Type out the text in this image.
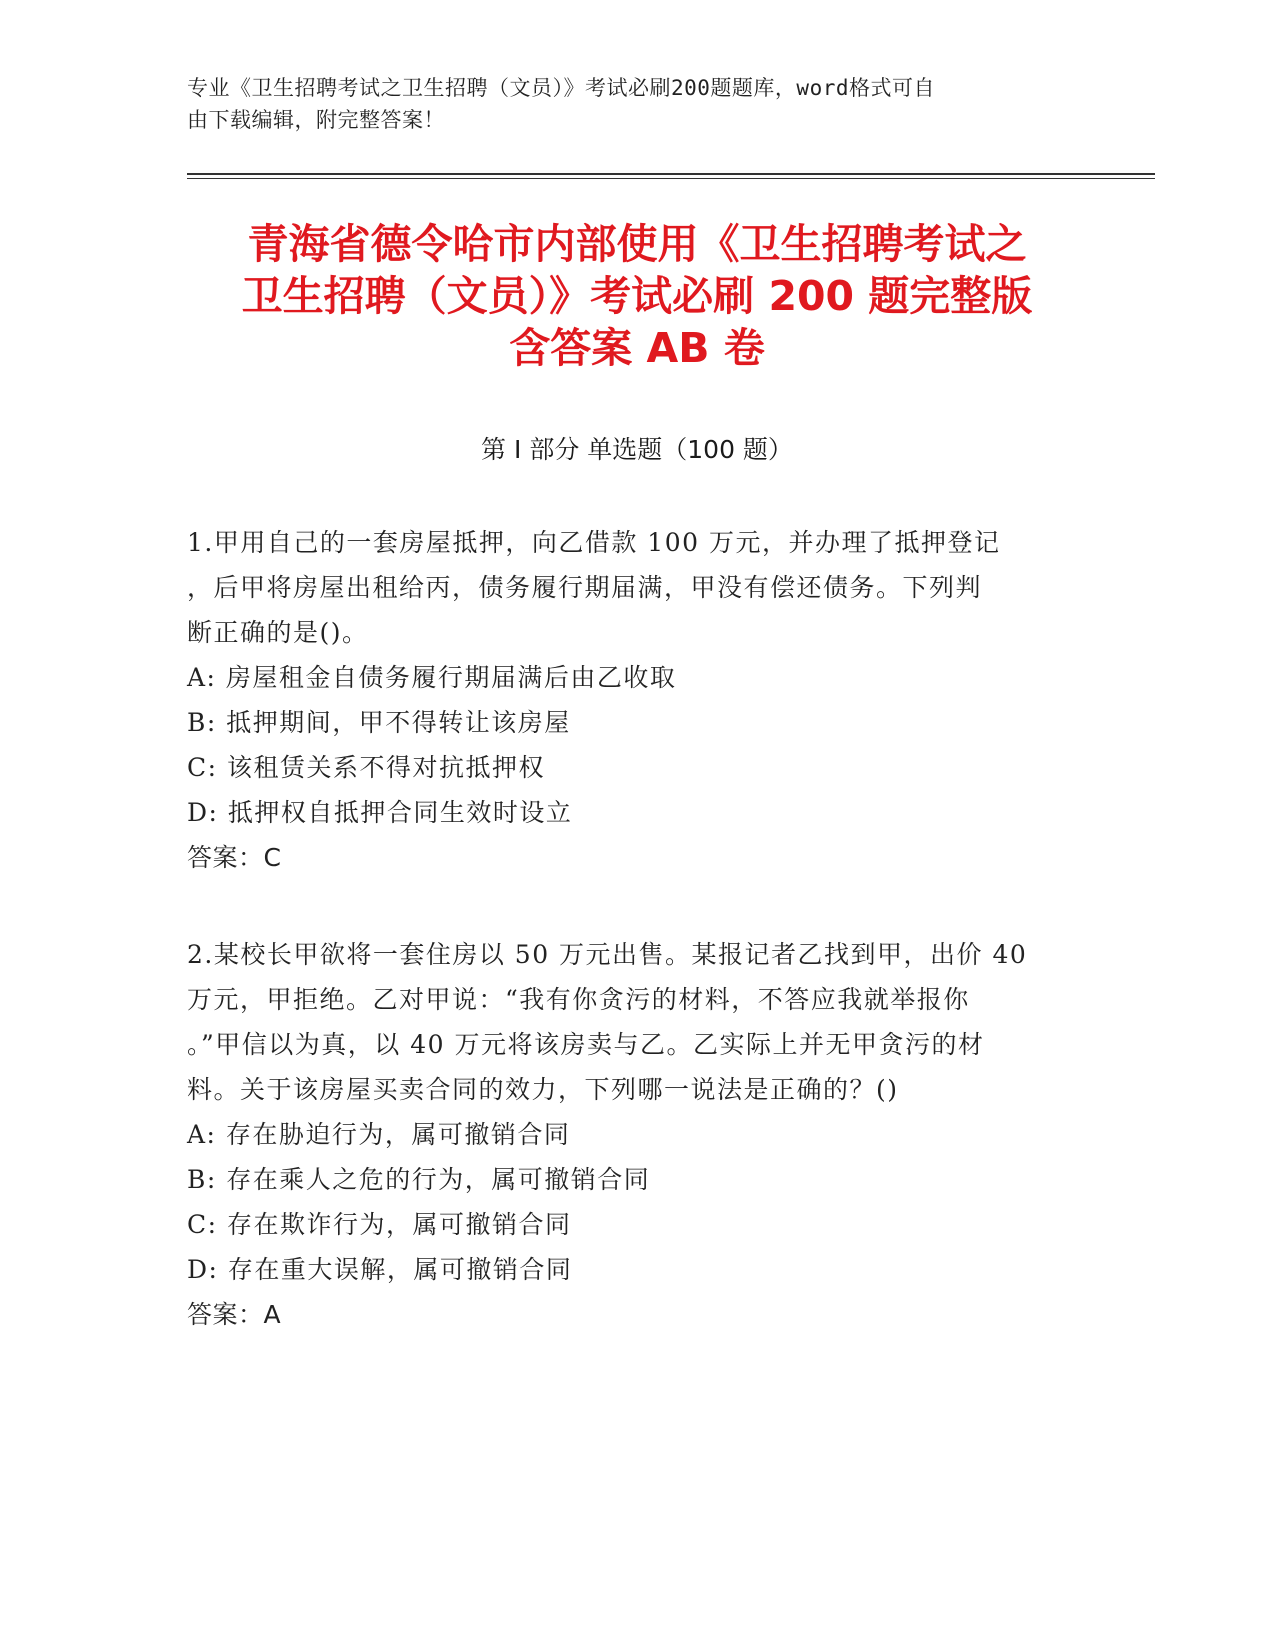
专业《卫生招聘考试之卫生招聘（文员）》考试必刷200题题库，word格式可自
由下载编辑，附完整答案！
青海省德令哈市内部使用《卫生招聘考试之
卫生招聘（文员）》考试必刷 200 题完整版
含答案 AB 卷
第 I 部分 单选题（100 题）

1.甲用自己的一套房屋抵押，向乙借款 100 万元，并办理了抵押登记

，后甲将房屋出租给丙，债务履行期届满，甲没有偿还债务。下列判

断正确的是()。

A: 房屋租金自债务履行期届满后由乙收取

B: 抵押期间，甲不得转让该房屋

C: 该租赁关系不得对抗抵押权

D: 抵押权自抵押合同生效时设立

答案：C

2.某校长甲欲将一套住房以 50 万元出售。某报记者乙找到甲，出价 40

万元，甲拒绝。乙对甲说：“我有你贪污的材料，不答应我就举报你

。”甲信以为真，以 40 万元将该房卖与乙。乙实际上并无甲贪污的材

料。关于该房屋买卖合同的效力，下列哪一说法是正确的？()

A: 存在胁迫行为，属可撤销合同

B: 存在乘人之危的行为，属可撤销合同

C: 存在欺诈行为，属可撤销合同

D: 存在重大误解，属可撤销合同

答案：A
